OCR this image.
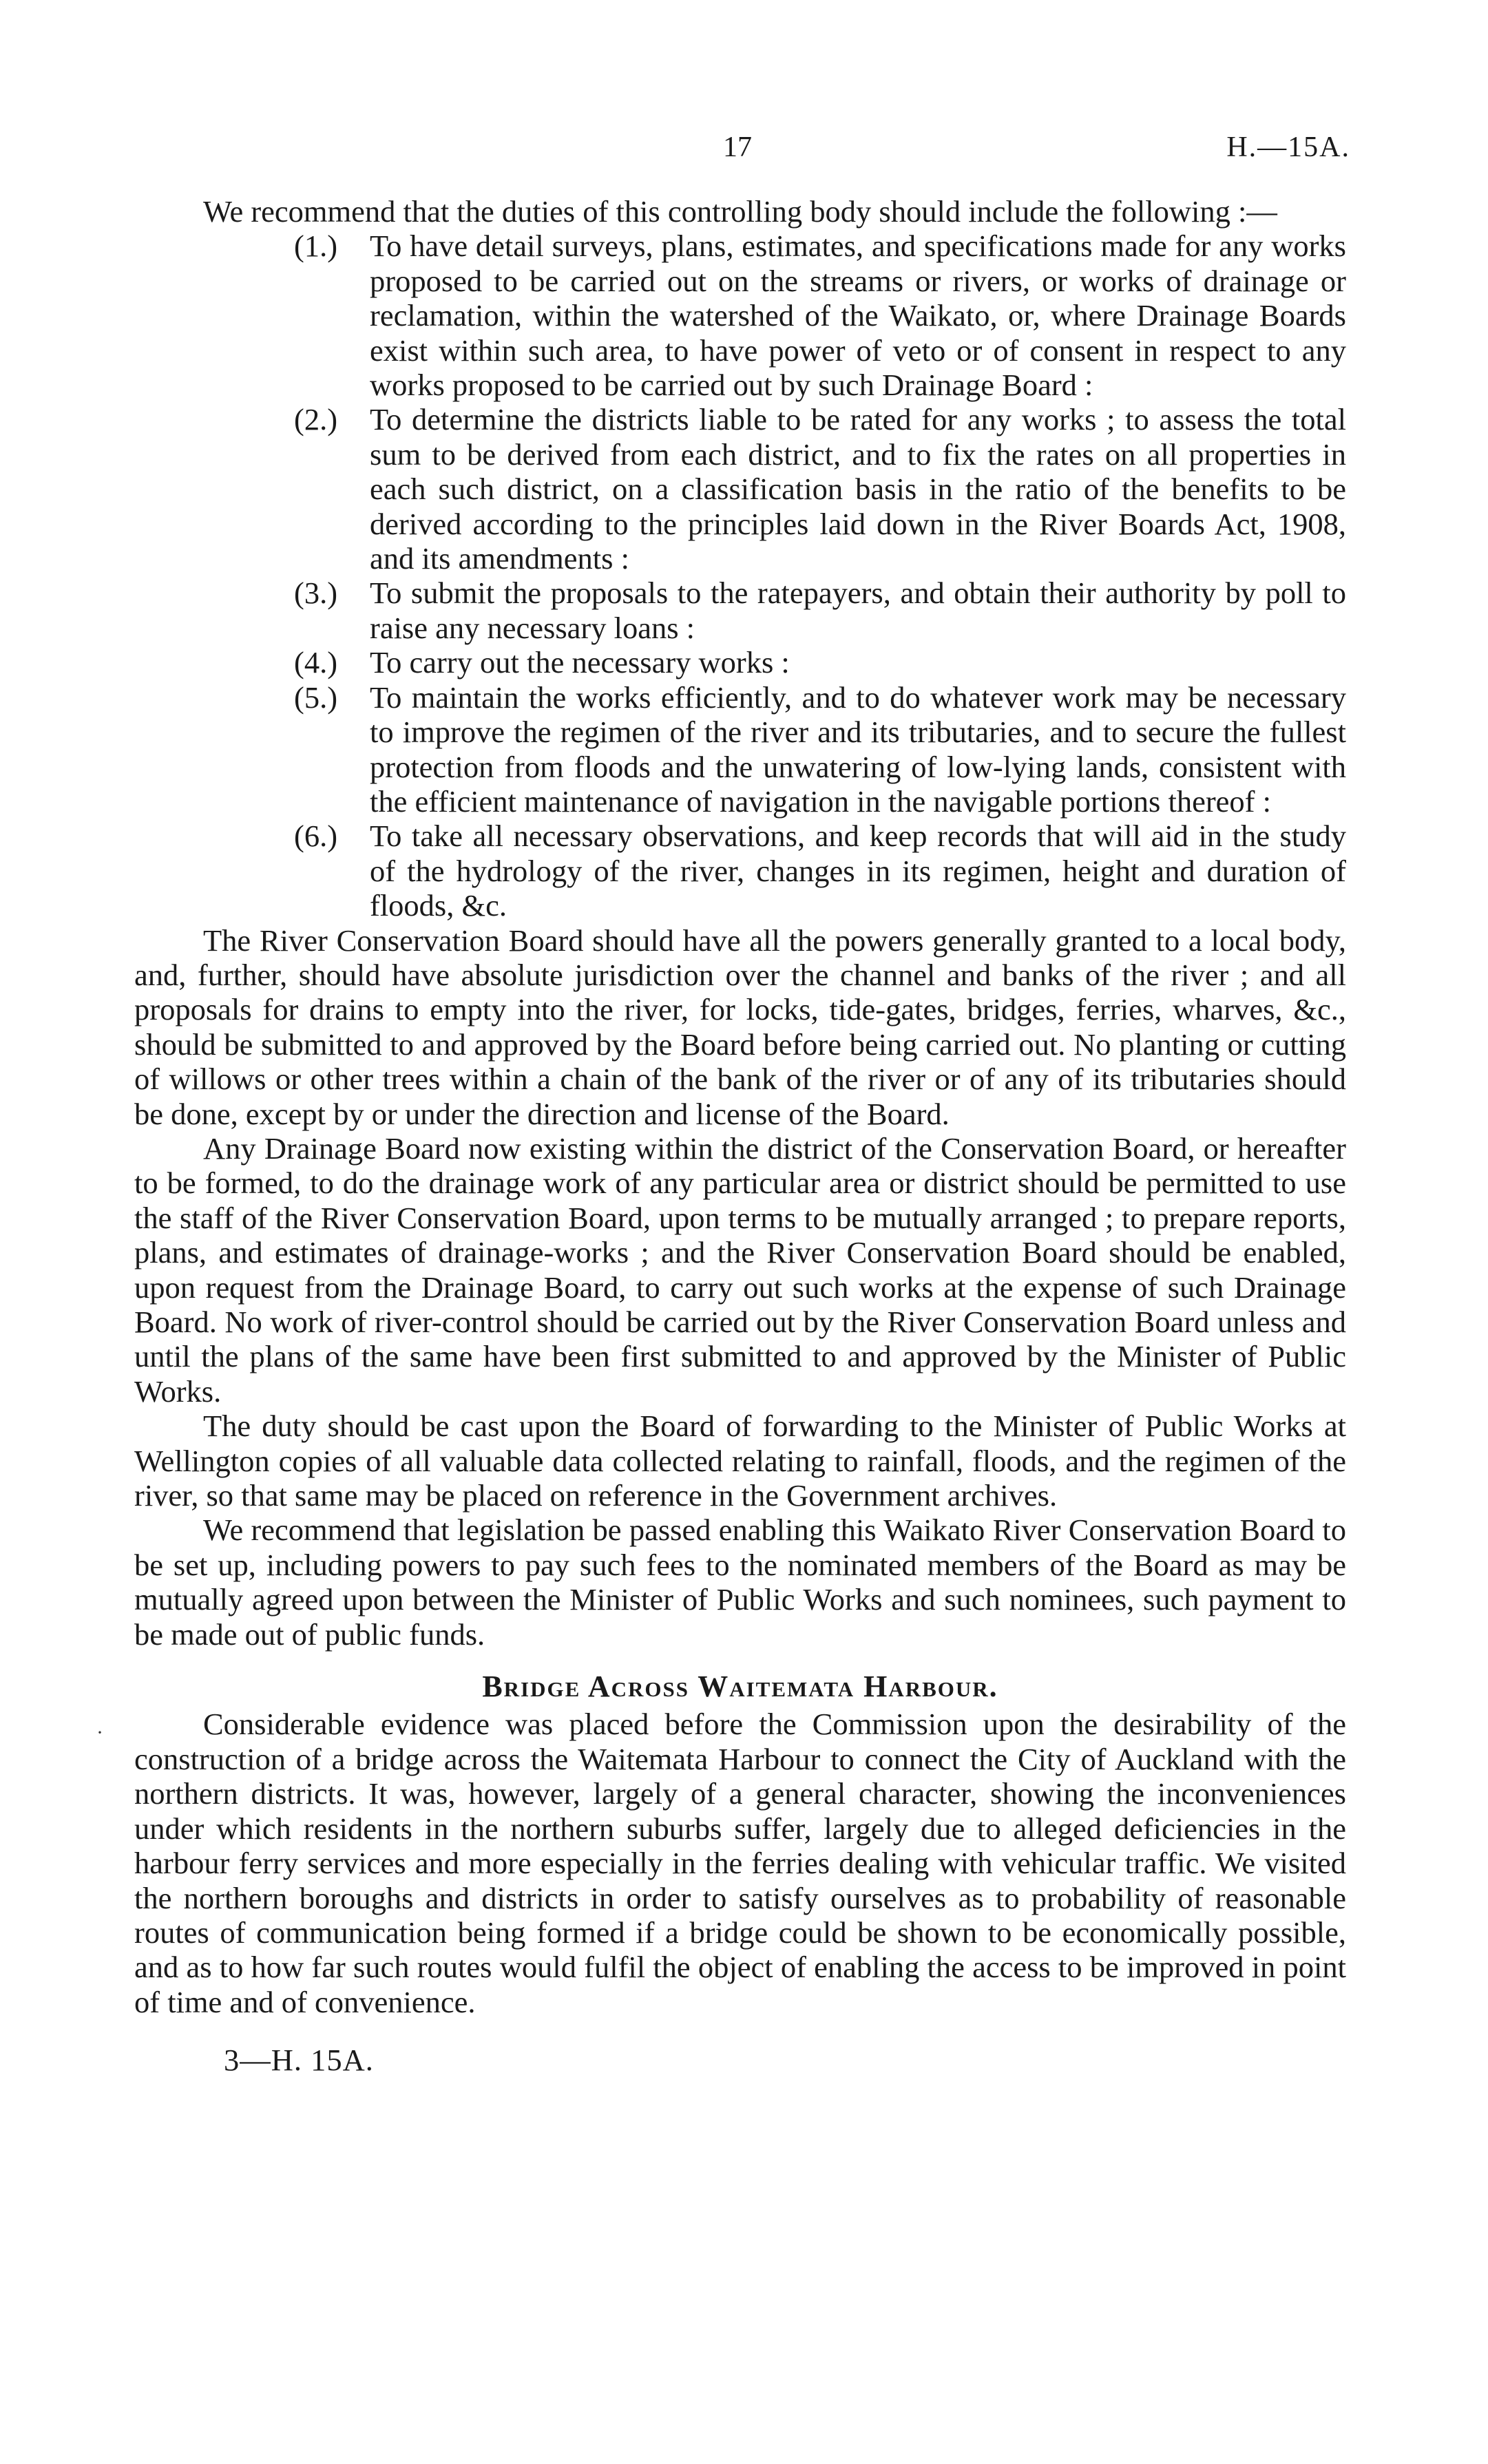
17	H.—15A.
·

We recommend that the duties of this controlling body should include the following :—

(1.) To have detail surveys, plans, estimates, and specifications made for any works proposed to be carried out on the streams or rivers, or works of drainage or reclamation, within the watershed of the Waikato, or, where Drainage Boards exist within such area, to have power of veto or of consent in respect to any works proposed to be carried out by such Drainage Board :
(2.) To determine the districts liable to be rated for any works ; to assess the total sum to be derived from each district, and to fix the rates on all properties in each such district, on a classification basis in the ratio of the benefits to be derived according to the principles laid down in the River Boards Act, 1908, and its amendments :
(3.) To submit the proposals to the ratepayers, and obtain their authority by poll to raise any necessary loans :
(4.) To carry out the necessary works :
(5.) To maintain the works efficiently, and to do whatever work may be necessary to improve the regimen of the river and its tributaries, and to secure the fullest protection from floods and the unwatering of low-lying lands, consistent with the efficient maintenance of navigation in the navigable portions thereof :
(6.) To take all necessary observations, and keep records that will aid in the study of the hydrology of the river, changes in its regimen, height and duration of floods, &c.

The River Conservation Board should have all the powers generally granted to a local body, and, further, should have absolute jurisdiction over the channel and banks of the river ; and all proposals for drains to empty into the river, for locks, tide-gates, bridges, ferries, wharves, &c., should be submitted to and approved by the Board before being carried out. No planting or cutting of willows or other trees within a chain of the bank of the river or of any of its tributaries should be done, except by or under the direction and license of the Board.

Any Drainage Board now existing within the district of the Conservation Board, or hereafter to be formed, to do the drainage work of any particular area or district should be permitted to use the staff of the River Conservation Board, upon terms to be mutually arranged ; to prepare reports, plans, and estimates of drainage-works ; and the River Conservation Board should be enabled, upon request from the Drainage Board, to carry out such works at the expense of such Drainage Board. No work of river-control should be carried out by the River Conservation Board unless and until the plans of the same have been first submitted to and approved by the Minister of Public Works.

The duty should be cast upon the Board of forwarding to the Minister of Public Works at Wellington copies of all valuable data collected relating to rainfall, floods, and the regimen of the river, so that same may be placed on reference in the Government archives.

We recommend that legislation be passed enabling this Waikato River Conservation Board to be set up, including powers to pay such fees to the nominated members of the Board as may be mutually agreed upon between the Minister of Public Works and such nominees, such payment to be made out of public funds.

Bridge Across Waitemata Harbour.

Considerable evidence was placed before the Commission upon the desirability of the construction of a bridge across the Waitemata Harbour to connect the City of Auckland with the northern districts. It was, however, largely of a general character, showing the inconveniences under which residents in the northern suburbs suffer, largely due to alleged deficiencies in the harbour ferry services and more especially in the ferries dealing with vehicular traffic. We visited the northern boroughs and districts in order to satisfy ourselves as to probability of reasonable routes of communication being formed if a bridge could be shown to be economically possible, and as to how far such routes would fulfil the object of enabling the access to be improved in point of time and of convenience.

3—H. 15A.
